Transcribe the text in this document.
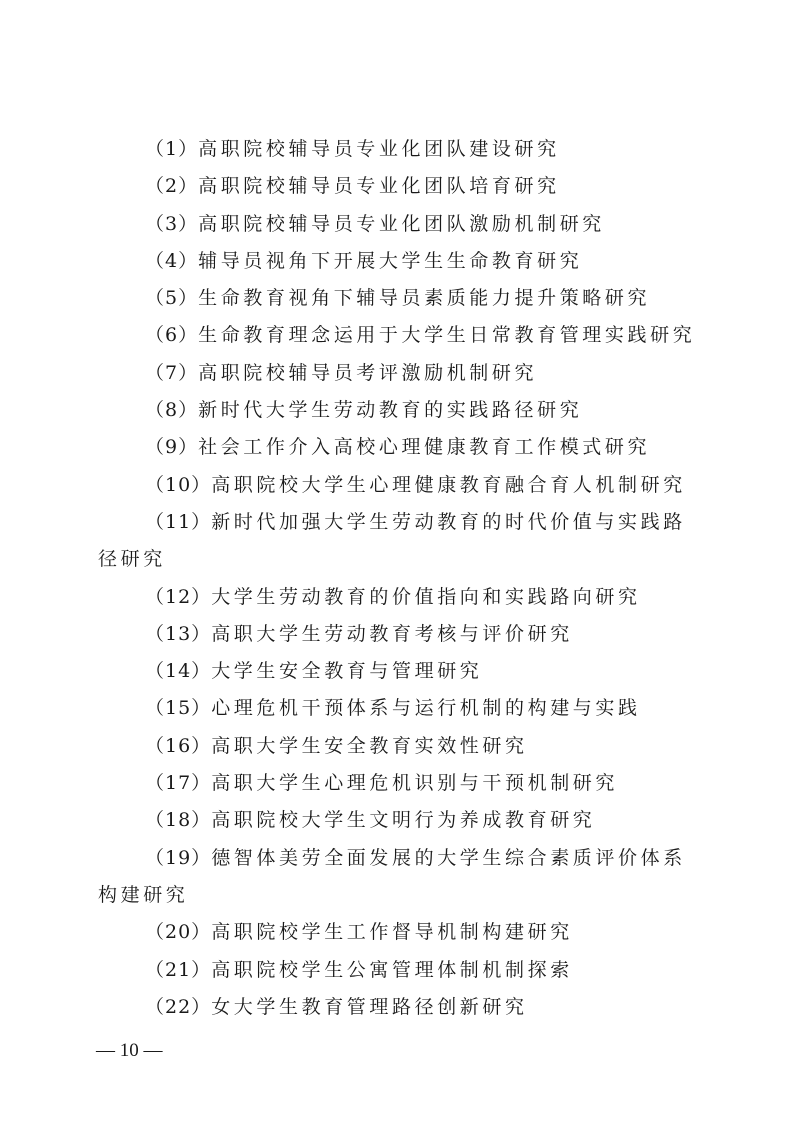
（1）高职院校辅导员专业化团队建设研究
（2）高职院校辅导员专业化团队培育研究
（3）高职院校辅导员专业化团队激励机制研究
（4）辅导员视角下开展大学生生命教育研究
（5）生命教育视角下辅导员素质能力提升策略研究
（6）生命教育理念运用于大学生日常教育管理实践研究
（7）高职院校辅导员考评激励机制研究
（8）新时代大学生劳动教育的实践路径研究
（9）社会工作介入高校心理健康教育工作模式研究
（10）高职院校大学生心理健康教育融合育人机制研究
（11）新时代加强大学生劳动教育的时代价值与实践路径研究
（12）大学生劳动教育的价值指向和实践路向研究
（13）高职大学生劳动教育考核与评价研究
（14）大学生安全教育与管理研究
（15）心理危机干预体系与运行机制的构建与实践
（16）高职大学生安全教育实效性研究
（17）高职大学生心理危机识别与干预机制研究
（18）高职院校大学生文明行为养成教育研究
（19）德智体美劳全面发展的大学生综合素质评价体系构建研究
（20）高职院校学生工作督导机制构建研究
（21）高职院校学生公寓管理体制机制探索
（22）女大学生教育管理路径创新研究
— 10 —
